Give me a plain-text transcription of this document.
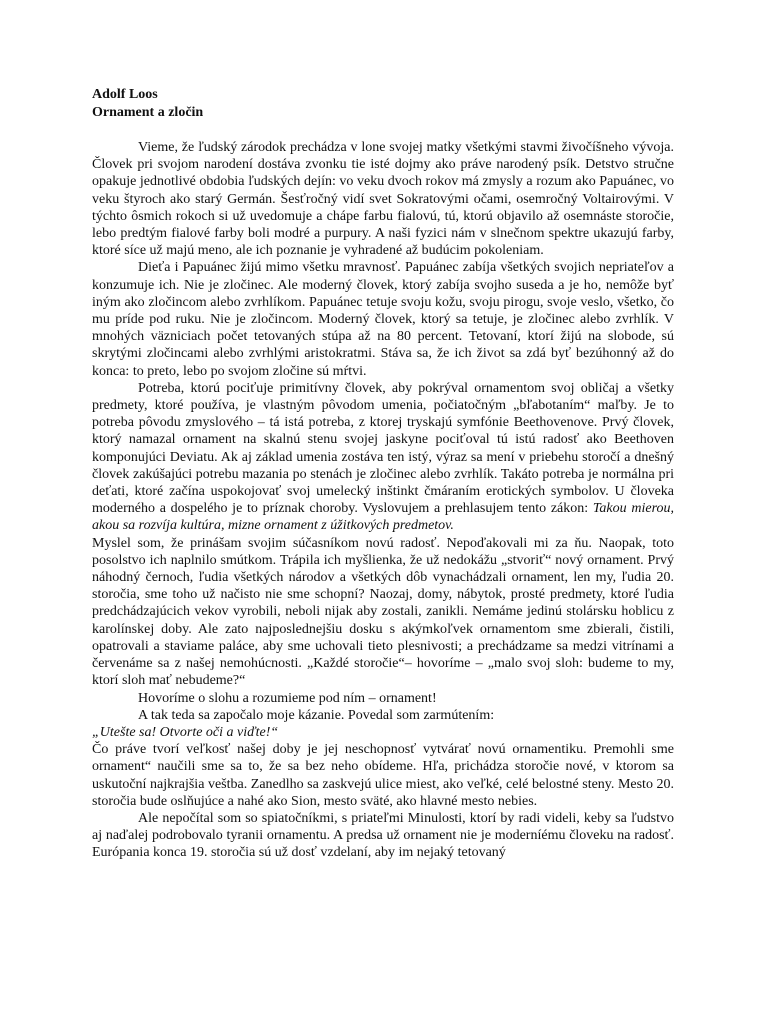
Adolf Loos

Ornament a zločin

Vieme, že ľudský zárodok prechádza v lone svojej matky všetkými stavmi živočíšneho vývoja. Človek pri svojom narodení dostáva zvonku tie isté dojmy ako práve narodený psík. Detstvo stručne opakuje jednotlivé obdobia ľudských dejín: vo veku dvoch rokov má zmysly a rozum ako Papuánec, vo veku štyroch ako starý Germán. Šesťročný vidí svet Sokratovými očami, osemročný Voltairovými. V týchto ôsmich rokoch si už uvedomuje a chápe farbu fialovú, tú, ktorú objavilo až osemnáste storočie, lebo predtým fialové farby boli modré a purpury. A naši fyzici nám v slnečnom spektre ukazujú farby, ktoré síce už majú meno, ale ich poznanie je vyhradené až budúcim pokoleniam.

Dieťa i Papuánec žijú mimo všetku mravnosť. Papuánec zabíja všetkých svojich nepriateľov a konzumuje ich. Nie je zločinec. Ale moderný človek, ktorý zabíja svojho suseda a je ho, nemôže byť iným ako zločincom alebo zvrhlíkom. Papuánec tetuje svoju kožu, svoju pirogu, svoje veslo, všetko, čo mu príde pod ruku. Nie je zločincom. Moderný človek, ktorý sa tetuje, je zločinec alebo zvrhlík. V mnohých väzniciach počet tetovaných stúpa až na 80 percent. Tetovaní, ktorí žijú na slobode, sú skrytými zločincami alebo zvrhlými aristokratmi. Stáva sa, že ich život sa zdá byť bezúhonný až do konca: to preto, lebo po svojom zločine sú mŕtvi.

Potreba, ktorú pociťuje primitívny človek, aby pokrýval ornamentom svoj obličaj a všetky predmety, ktoré používa, je vlastným pôvodom umenia, počiatočným „bľabotaním“ maľby. Je to potreba pôvodu zmyslového – tá istá potreba, z ktorej tryskajú symfónie Beethovenove. Prvý človek, ktorý namazal ornament na skalnú stenu svojej jaskyne pociťoval tú istú radosť ako Beethoven komponujúci Deviatu. Ak aj základ umenia zostáva ten istý, výraz sa mení v priebehu storočí a dnešný človek zakúšajúci potrebu mazania po stenách je zločinec alebo zvrhlík. Takáto potreba je normálna pri deťati, ktoré začína uspokojovať svoj umelecký inštinkt čmáraním erotických symbolov. U človeka moderného a dospelého je to príznak choroby. Vyslovujem a prehlasujem tento zákon: Takou mierou, akou sa rozvíja kultúra, mizne ornament z úžitkových predmetov.

Myslel som, že prinášam svojim súčasníkom novú radosť. Nepoďakovali mi za ňu. Naopak, toto posolstvo ich naplnilo smútkom. Trápila ich myšlienka, že už nedokážu „stvoriť“ nový ornament. Prvý náhodný černoch, ľudia všetkých národov a všetkých dôb vynachádzali ornament, len my, ľudia 20. storočia, sme toho už načisto nie sme schopní? Naozaj, domy, nábytok, prosté predmety, ktoré ľudia predchádzajúcich vekov vyrobili, neboli nijak aby zostali, zanikli. Nemáme jedinú stolársku hoblicu z karolínskej doby. Ale zato najposlednejšiu dosku s akýmkoľvek ornamentom sme zbierali, čistili, opatrovali a staviame paláce, aby sme uchovali tieto plesnivosti; a prechádzame sa medzi vitrínami a červenáme sa z našej nemohúcnosti. „Každé storočie“– hovoríme – „malo svoj sloh: budeme to my, ktorí sloh mať nebudeme?“

Hovoríme o slohu a rozumieme pod ním – ornament!

A tak teda sa započalo moje kázanie. Povedal som zarmútením:

„Utešte sa! Otvorte oči a viďte!“

Čo práve tvorí veľkosť našej doby je jej neschopnosť vytvárať novú ornamentiku. Premohli sme ornament“ naučili sme sa to, že sa bez neho obídeme. Hľa, prichádza storočie nové, v ktorom sa uskutoční najkrajšia veštba. Zanedlho sa zaskvejú ulice miest, ako veľké, celé belostné steny. Mesto 20. storočia bude oslňujúce a nahé ako Sion, mesto sväté, ako hlavné mesto nebies.

Ale nepočítal som so spiatočníkmi, s priateľmi Minulosti, ktorí by radi videli, keby sa ľudstvo aj naďalej podrobovalo tyranii ornamentu. A predsa už ornament nie je moderníému človeku na radosť. Európania konca 19. storočia sú už dosť vzdelaní, aby im nejaký tetovaný
